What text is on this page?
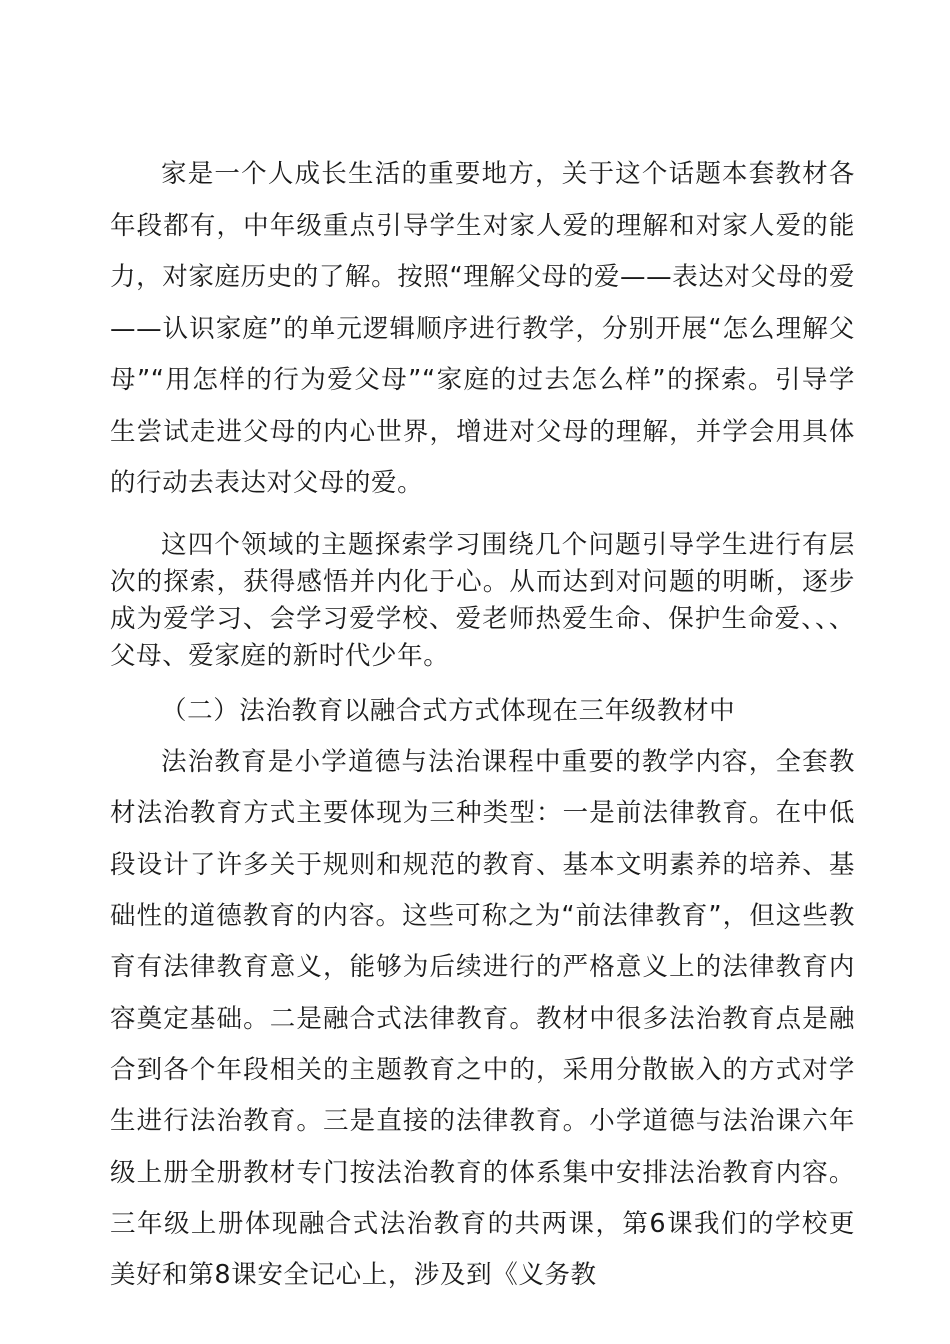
家是一个人成长生活的重要地方，关于这个话题本套教材各年段都有，中年级重点引导学生对家人爱的理解和对家人爱的能力，对家庭历史的了解。按照“理解父母的爱——表达对父母的爱——认识家庭”的单元逻辑顺序进行教学，分别开展“怎么理解父母”“用怎样的行为爱父母”“家庭的过去怎么样”的探索。引导学生尝试走进父母的内心世界，增进对父母的理解，并学会用具体的行动去表达对父母的爱。

这四个领域的主题探索学习围绕几个问题引导学生进行有层次的探索，获得感悟并内化于心。从而达到对问题的明晰，逐步成为爱学习、会学习爱学校、爱老师热爱生命、保护生命爱、、、父母、爱家庭的新时代少年。

（二）法治教育以融合式方式体现在三年级教材中

法治教育是小学道德与法治课程中重要的教学内容，全套教材法治教育方式主要体现为三种类型：一是前法律教育。在中低段设计了许多关于规则和规范的教育、基本文明素养的培养、基础性的道德教育的内容。这些可称之为“前法律教育”，但这些教育有法律教育意义，能够为后续进行的严格意义上的法律教育内容奠定基础。二是融合式法律教育。教材中很多法治教育点是融合到各个年段相关的主题教育之中的，采用分散嵌入的方式对学生进行法治教育。三是直接的法律教育。小学道德与法治课六年级上册全册教材专门按法治教育的体系集中安排法治教育内容。三年级上册体现融合式法治教育的共两课，第6课我们的学校更美好和第8课安全记心上，涉及到《义务教
